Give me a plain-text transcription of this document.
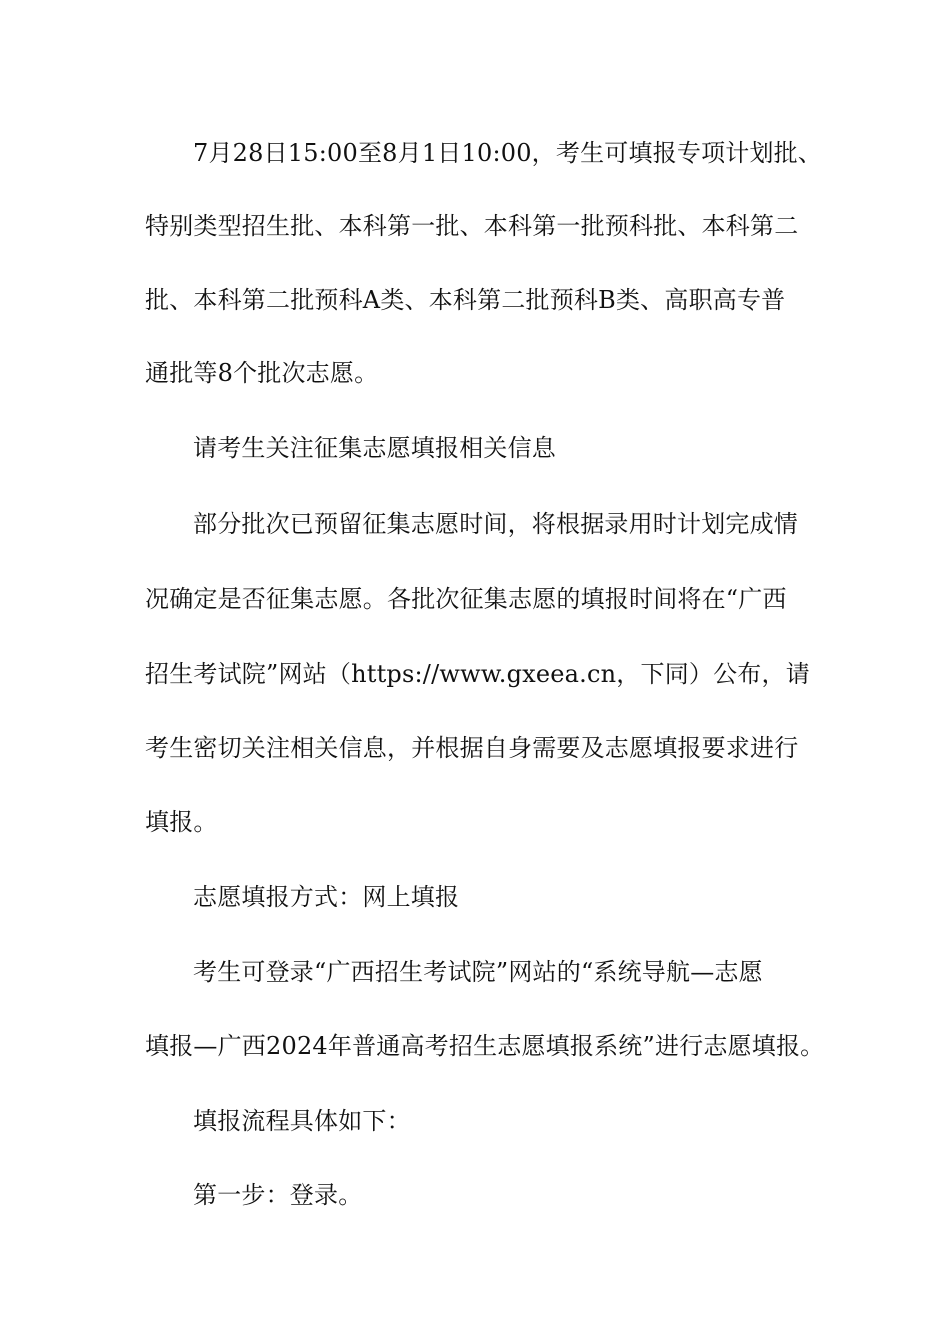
7月28日15:00至8月1日10:00，考生可填报专项计划批、
特别类型招生批、本科第一批、本科第一批预科批、本科第二
批、本科第二批预科A类、本科第二批预科B类、高职高专普
通批等8个批次志愿。
请考生关注征集志愿填报相关信息
部分批次已预留征集志愿时间，将根据录用时计划完成情
况确定是否征集志愿。各批次征集志愿的填报时间将在“广西
招生考试院”网站（https://www.gxeea.cn，下同）公布，请
考生密切关注相关信息，并根据自身需要及志愿填报要求进行
填报。
志愿填报方式：网上填报
考生可登录“广西招生考试院”网站的“系统导航—志愿
填报—广西2024年普通高考招生志愿填报系统”进行志愿填报。
填报流程具体如下：
第一步：登录。
